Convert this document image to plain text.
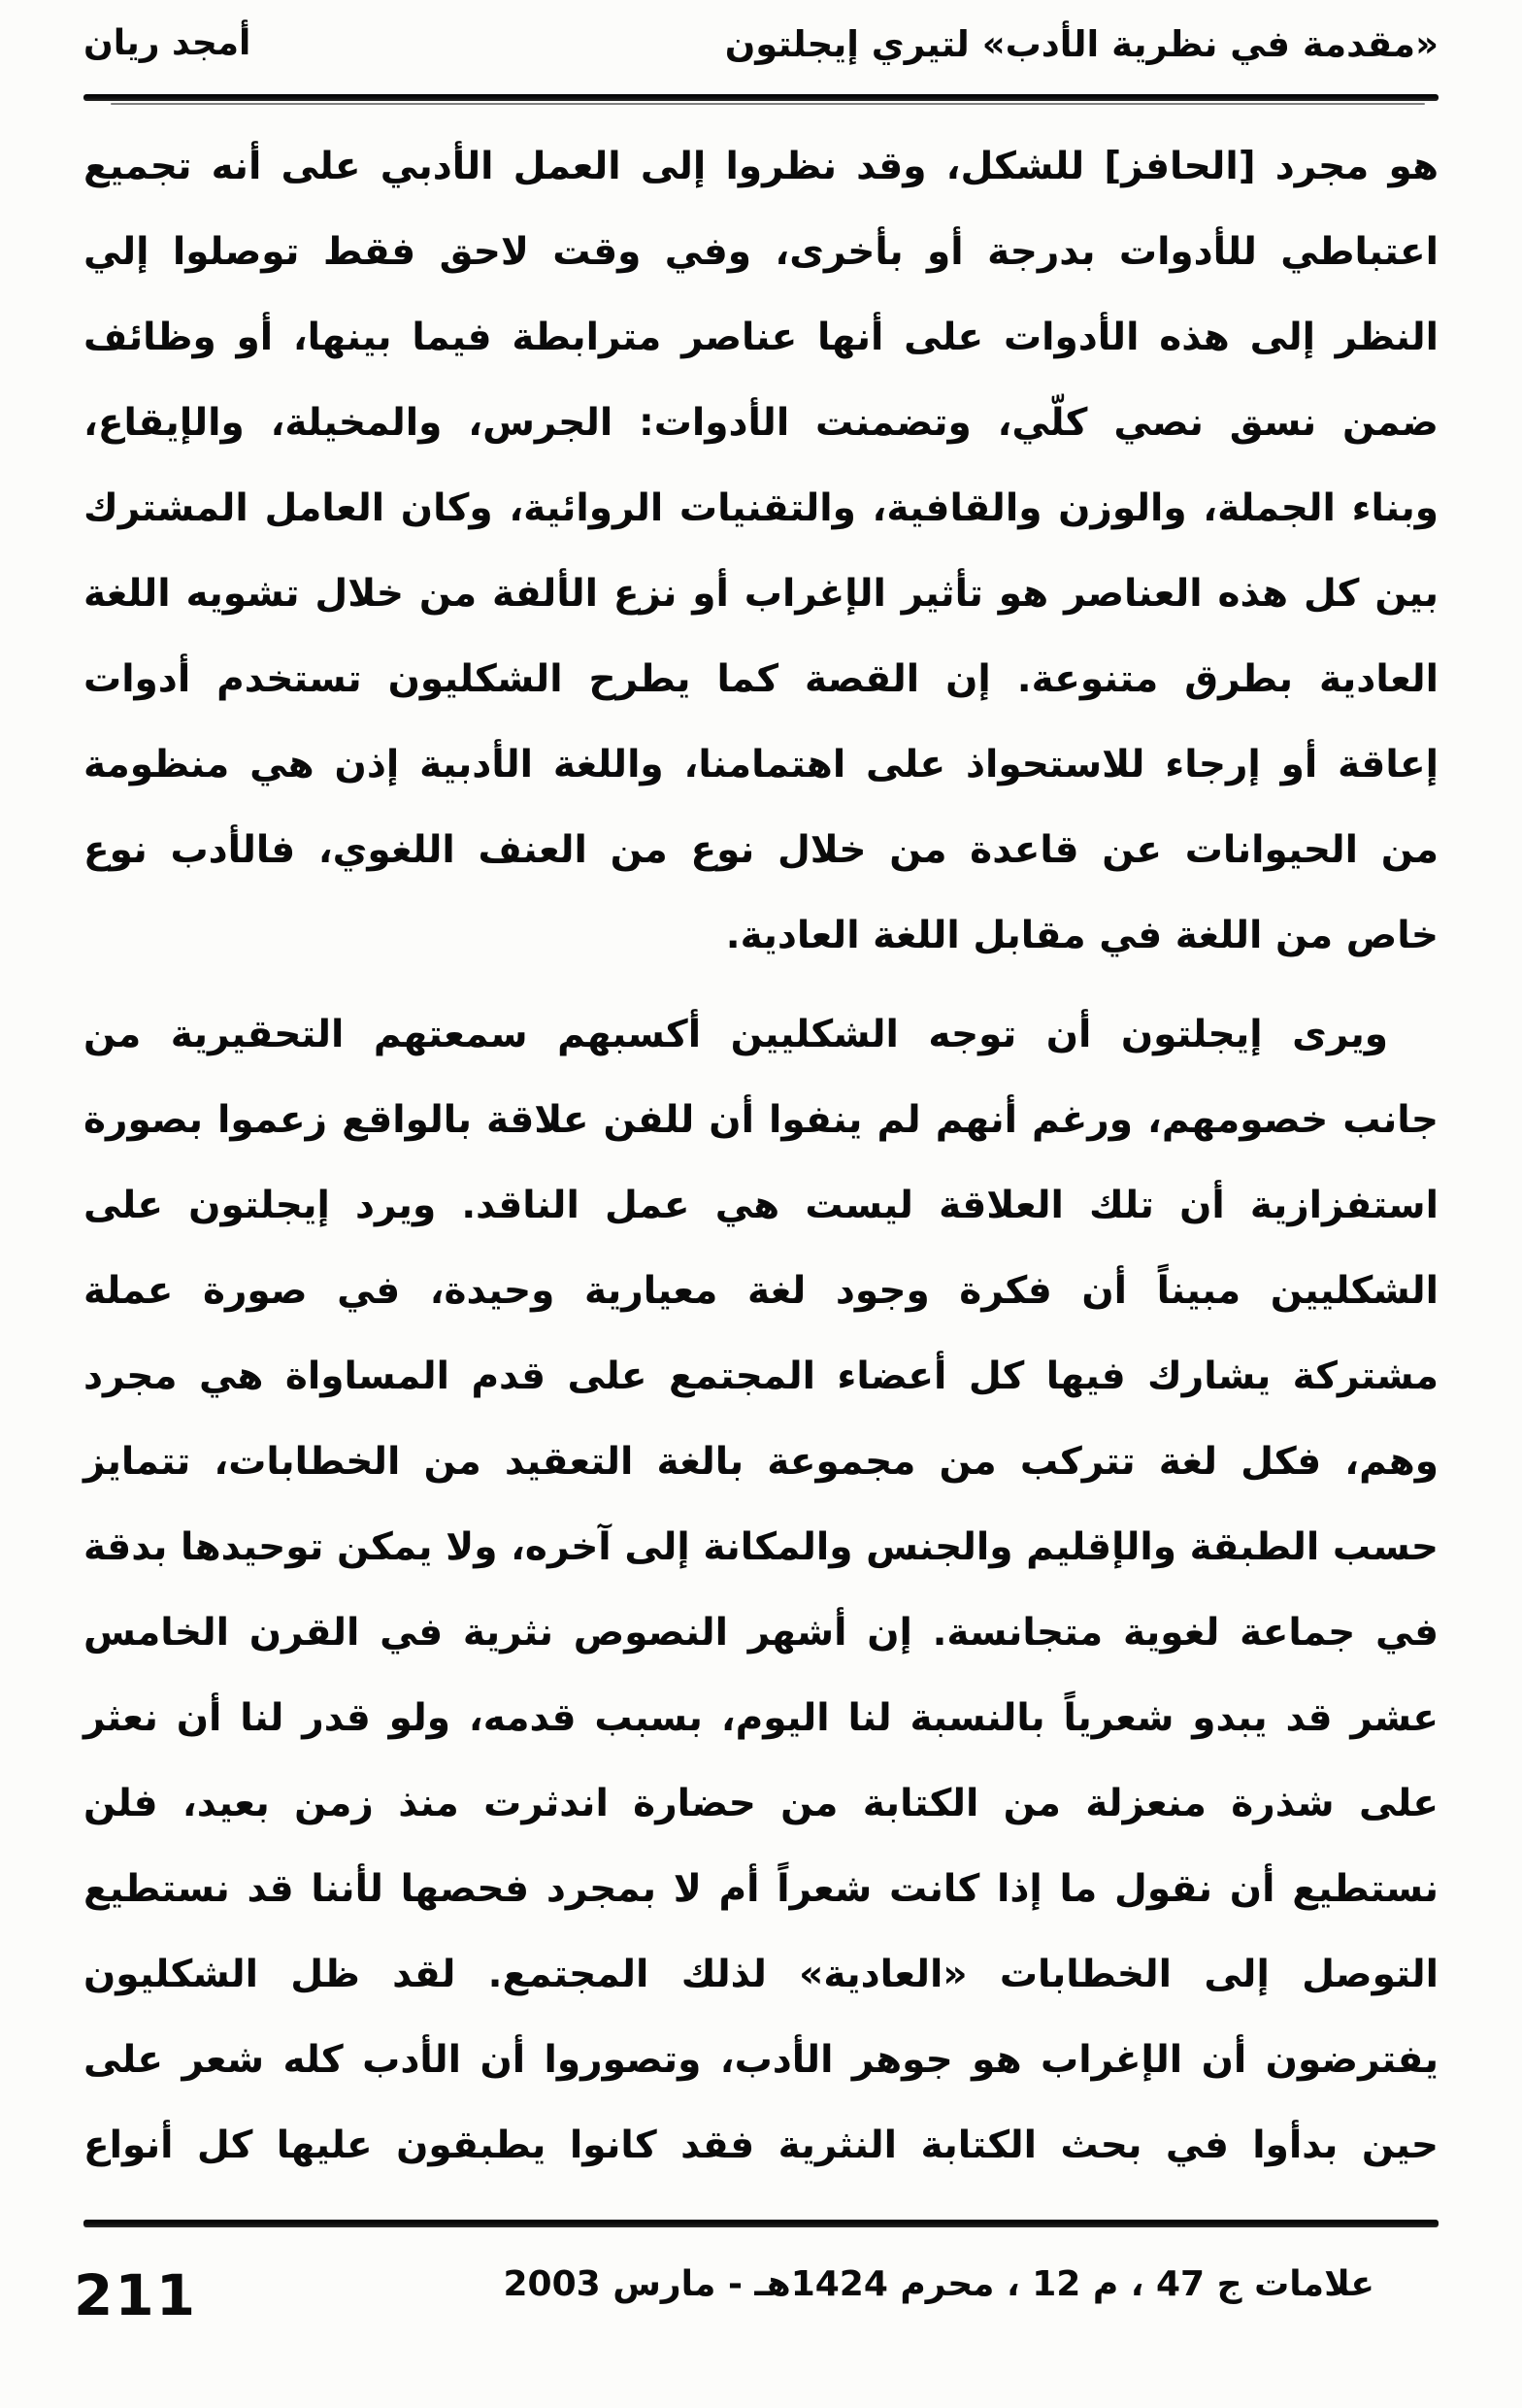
«مقدمة في نظرية الأدب» لتيري إيجلتون
أمجد ريان
هو مجرد [الحافز] للشكل، وقد نظروا إلى العمل الأدبي على أنه تجميع
اعتباطي للأدوات بدرجة أو بأخرى، وفي وقت لاحق فقط توصلوا إلي
النظر إلى هذه الأدوات على أنها عناصر مترابطة فيما بينها، أو وظائف
ضمن نسق نصي كلّي، وتضمنت الأدوات: الجرس، والمخيلة، والإيقاع،
وبناء الجملة، والوزن والقافية، والتقنيات الروائية، وكان العامل المشترك
بين كل هذه العناصر هو تأثير الإغراب أو نزع الألفة من خلال تشويه اللغة
العادية بطرق متنوعة. إن القصة كما يطرح الشكليون تستخدم أدوات
إعاقة أو إرجاء للاستحواذ على اهتمامنا، واللغة الأدبية إذن هي منظومة
من الحيوانات عن قاعدة من خلال نوع من العنف اللغوي، فالأدب نوع
خاص من اللغة في مقابل اللغة العادية.
ويرى إيجلتون أن توجه الشكليين أكسبهم سمعتهم التحقيرية من
جانب خصومهم، ورغم أنهم لم ينفوا أن للفن علاقة بالواقع زعموا بصورة
استفزازية أن تلك العلاقة ليست هي عمل الناقد. ويرد إيجلتون على
الشكليين مبيناً أن فكرة وجود لغة معيارية وحيدة، في صورة عملة
مشتركة يشارك فيها كل أعضاء المجتمع على قدم المساواة هي مجرد
وهم، فكل لغة تتركب من مجموعة بالغة التعقيد من الخطابات، تتمايز
حسب الطبقة والإقليم والجنس والمكانة إلى آخره، ولا يمكن توحيدها بدقة
في جماعة لغوية متجانسة. إن أشهر النصوص نثرية في القرن الخامس
عشر قد يبدو شعرياً بالنسبة لنا اليوم، بسبب قدمه، ولو قدر لنا أن نعثر
على شذرة منعزلة من الكتابة من حضارة اندثرت منذ زمن بعيد، فلن
نستطيع أن نقول ما إذا كانت شعراً أم لا بمجرد فحصها لأننا قد نستطيع
التوصل إلى الخطابات «العادية» لذلك المجتمع. لقد ظل الشكليون
يفترضون أن الإغراب هو جوهر الأدب، وتصوروا أن الأدب كله شعر على
حين بدأوا في بحث الكتابة النثرية فقد كانوا يطبقون عليها كل أنواع
علامات ج 47 ، م 12 ، محرم 1424هـ - مارس 2003
211
